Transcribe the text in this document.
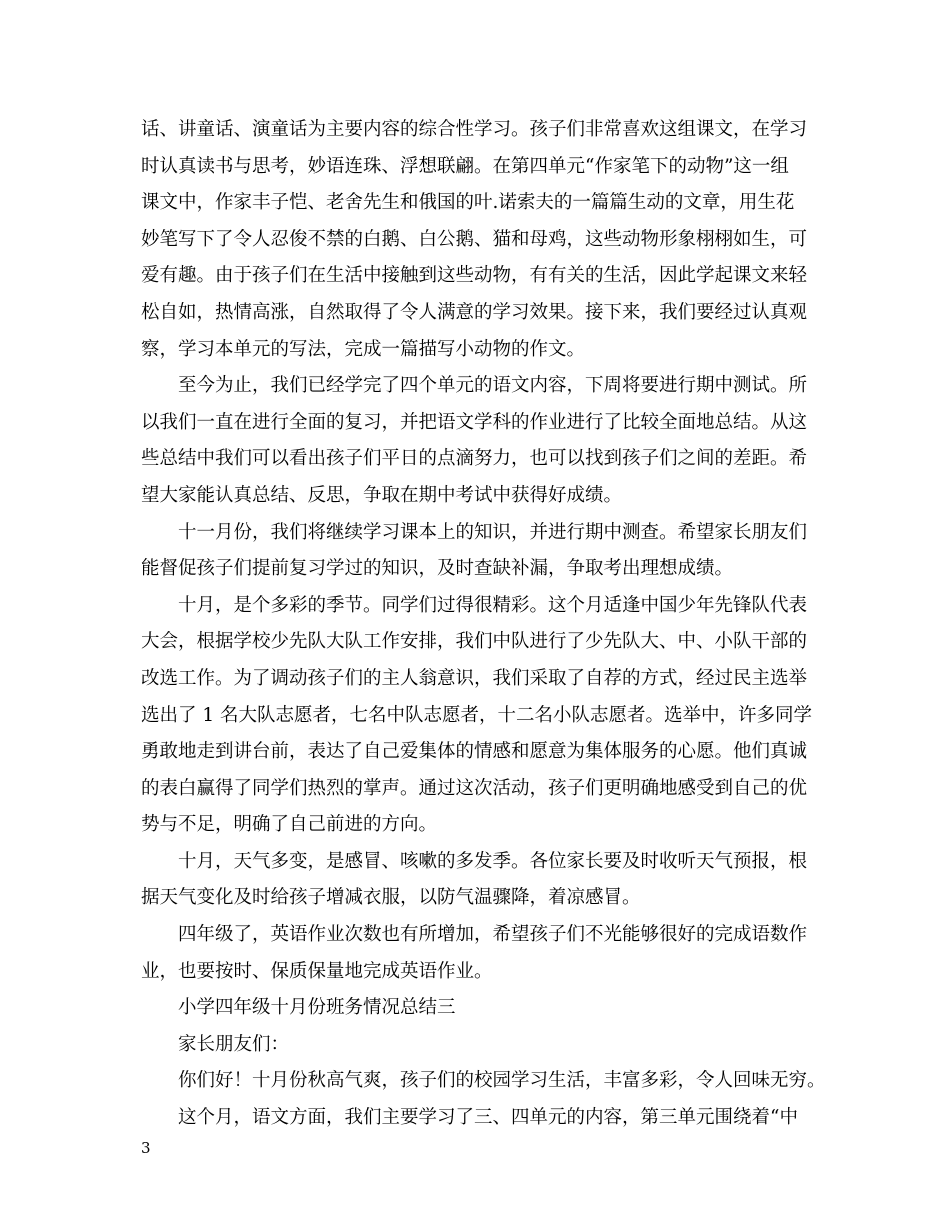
话、讲童话、演童话为主要内容的综合性学习。孩子们非常喜欢这组课文，在学习
时认真读书与思考，妙语连珠、浮想联翩。在第四单元“作家笔下的动物”这一组
课文中，作家丰子恺、老舍先生和俄国的叶.诺索夫的一篇篇生动的文章，用生花
妙笔写下了令人忍俊不禁的白鹅、白公鹅、猫和母鸡，这些动物形象栩栩如生，可
爱有趣。由于孩子们在生活中接触到这些动物，有有关的生活，因此学起课文来轻
松自如，热情高涨，自然取得了令人满意的学习效果。接下来，我们要经过认真观
察，学习本单元的写法，完成一篇描写小动物的作文。
至今为止，我们已经学完了四个单元的语文内容，下周将要进行期中测试。所
以我们一直在进行全面的复习，并把语文学科的作业进行了比较全面地总结。从这
些总结中我们可以看出孩子们平日的点滴努力，也可以找到孩子们之间的差距。希
望大家能认真总结、反思，争取在期中考试中获得好成绩。
十一月份，我们将继续学习课本上的知识，并进行期中测查。希望家长朋友们
能督促孩子们提前复习学过的知识，及时查缺补漏，争取考出理想成绩。
十月，是个多彩的季节。同学们过得很精彩。这个月适逢中国少年先锋队代表
大会，根据学校少先队大队工作安排，我们中队进行了少先队大、中、小队干部的
改选工作。为了调动孩子们的主人翁意识，我们采取了自荐的方式，经过民主选举
选出了 1 名大队志愿者，七名中队志愿者，十二名小队志愿者。选举中，许多同学
勇敢地走到讲台前，表达了自己爱集体的情感和愿意为集体服务的心愿。他们真诚
的表白赢得了同学们热烈的掌声。通过这次活动，孩子们更明确地感受到自己的优
势与不足，明确了自己前进的方向。
十月，天气多变，是感冒、咳嗽的多发季。各位家长要及时收听天气预报，根
据天气变化及时给孩子增减衣服，以防气温骤降，着凉感冒。
四年级了，英语作业次数也有所增加，希望孩子们不光能够很好的完成语数作
业，也要按时、保质保量地完成英语作业。
小学四年级十月份班务情况总结三
家长朋友们：
你们好！十月份秋高气爽，孩子们的校园学习生活，丰富多彩，令人回味无穷。
这个月，语文方面，我们主要学习了三、四单元的内容，第三单元围绕着“中
3
